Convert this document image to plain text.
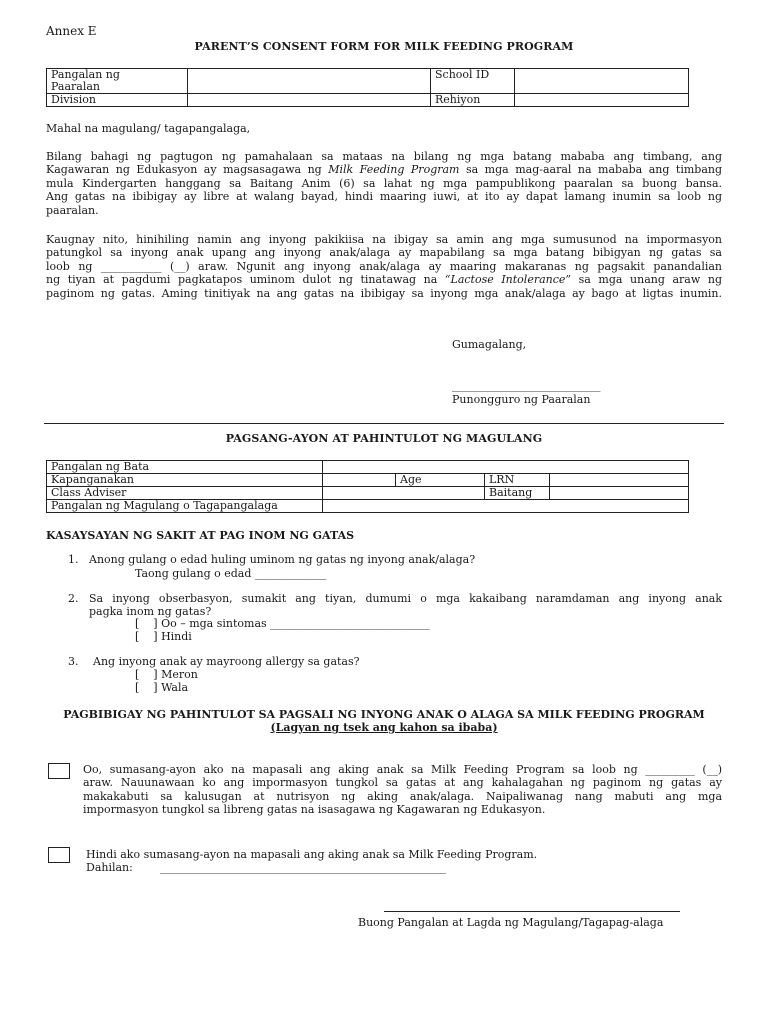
Annex E
PARENT’S CONSENT FORM FOR MILK FEEDING PROGRAM
Pangalan ng
Paaralan		School ID	
Division		Rehiyon	
Mahal na magulang/ tagapangalaga,
Bilang bahagi ng pagtugon ng pamahalaan sa mataas na bilang ng mga batang mababa ang timbang, ang
Kagawaran ng Edukasyon ay magsasagawa ng Milk Feeding Program sa mga mag-aaral na mababa ang timbang
mula Kindergarten hanggang sa Baitang Anim (6) sa lahat ng mga pampublikong paaralan sa buong bansa.
Ang gatas na ibibigay ay libre at walang bayad, hindi maaring iuwi, at ito ay dapat lamang inumin sa loob ng
paaralan.
Kaugnay nito, hinihiling namin ang inyong pakikiisa na ibigay sa amin ang mga sumusunod na impormasyon
patungkol sa inyong anak upang ang inyong anak/alaga ay mapabilang sa mga batang bibigyan ng gatas sa
loob ng ___________ (__) araw. Ngunit ang inyong anak/alaga ay maaring makaranas ng pagsakit panandalian
ng tiyan at pagdumi pagkatapos uminom dulot ng tinatawag na “Lactose Intolerance” sa mga unang araw ng
paginom ng gatas. Aming tinitiyak na ang gatas na ibibigay sa inyong mga anak/alaga ay bago at ligtas inumin.
Gumagalang,
___________________________
Punongguro ng Paaralan
PAGSANG-AYON AT PAHINTULOT NG MAGULANG
Pangalan ng Bata				
Kapanganakan		Age	LRN	
Class Adviser			Baitang	
Pangalan ng Magulang o Tagapangalaga				
KASAYSAYAN NG SAKIT AT PAG INOM NG GATAS
1. Anong gulang o edad huling uminom ng gatas ng inyong anak/alaga?
Taong gulang o edad _____________
2. Sa inyong obserbasyon, sumakit ang tiyan, dumumi o mga kakaibang naramdaman ang inyong anak
pagka inom ng gatas?
[    ] Oo – mga sintomas _____________________________
[    ] Hindi
3. Ang inyong anak ay mayroong allergy sa gatas?
[    ] Meron
[    ] Wala
PAGBIBIGAY NG PAHINTULOT SA PAGSALI NG INYONG ANAK O ALAGA SA MILK FEEDING PROGRAM
(Lagyan ng tsek ang kahon sa ibaba)
Oo, sumasang-ayon ako na mapasali ang aking anak sa Milk Feeding Program sa loob ng _________ (__)
araw. Nauunawaan ko ang impormasyon tungkol sa gatas at ang kahalagahan ng paginom ng gatas ay
makakabuti sa kalusugan at nutrisyon ng aking anak/alaga. Naipaliwanag nang mabuti ang mga
impormasyon tungkol sa libreng gatas na isasagawa ng Kagawaran ng Edukasyon.
Hindi ako sumasang-ayon na mapasali ang aking anak sa Milk Feeding Program.
Dahilan: ____________________________________________________
Buong Pangalan at Lagda ng Magulang/Tagapag-alaga
